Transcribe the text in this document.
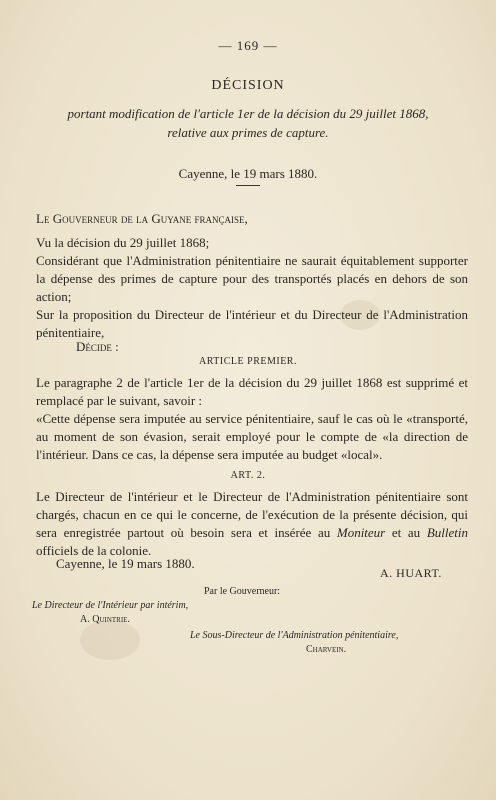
— 169 —

DÉCISION

portant modification de l'article 1er de la décision du 29 juillet 1868,
relative aux primes de capture.

Cayenne, le 19 mars 1880.

Le Gouverneur de la Guyane française,

Vu la décision du 29 juillet 1868;

Considérant que l'Administration pénitentiaire ne saurait équitablement supporter la dépense des primes de capture pour des transportés placés en dehors de son action;

Sur la proposition du Directeur de l'intérieur et du Directeur de l'Administration pénitentiaire,

Décide :

ARTICLE PREMIER.

Le paragraphe 2 de l'article 1er de la décision du 29 juillet 1868 est supprimé et remplacé par le suivant, savoir :

«Cette dépense sera imputée au service pénitentiaire, sauf le cas où le «transporté, au moment de son évasion, serait employé pour le compte de «la direction de l'intérieur. Dans ce cas, la dépense sera imputée au budget «local».

ART. 2.

Le Directeur de l'intérieur et le Directeur de l'Administration pénitentiaire sont chargés, chacun en ce qui le concerne, de l'exécution de la présente décision, qui sera enregistrée partout où besoin sera et insérée au Moniteur et au Bulletin officiels de la colonie.

Cayenne, le 19 mars 1880.

A. HUART.

Par le Gouverneur:

Le Directeur de l'Intérieur par intérim,

A. Quintrie.

Le Sous-Directeur de l'Administration pénitentiaire,

Charvein.
